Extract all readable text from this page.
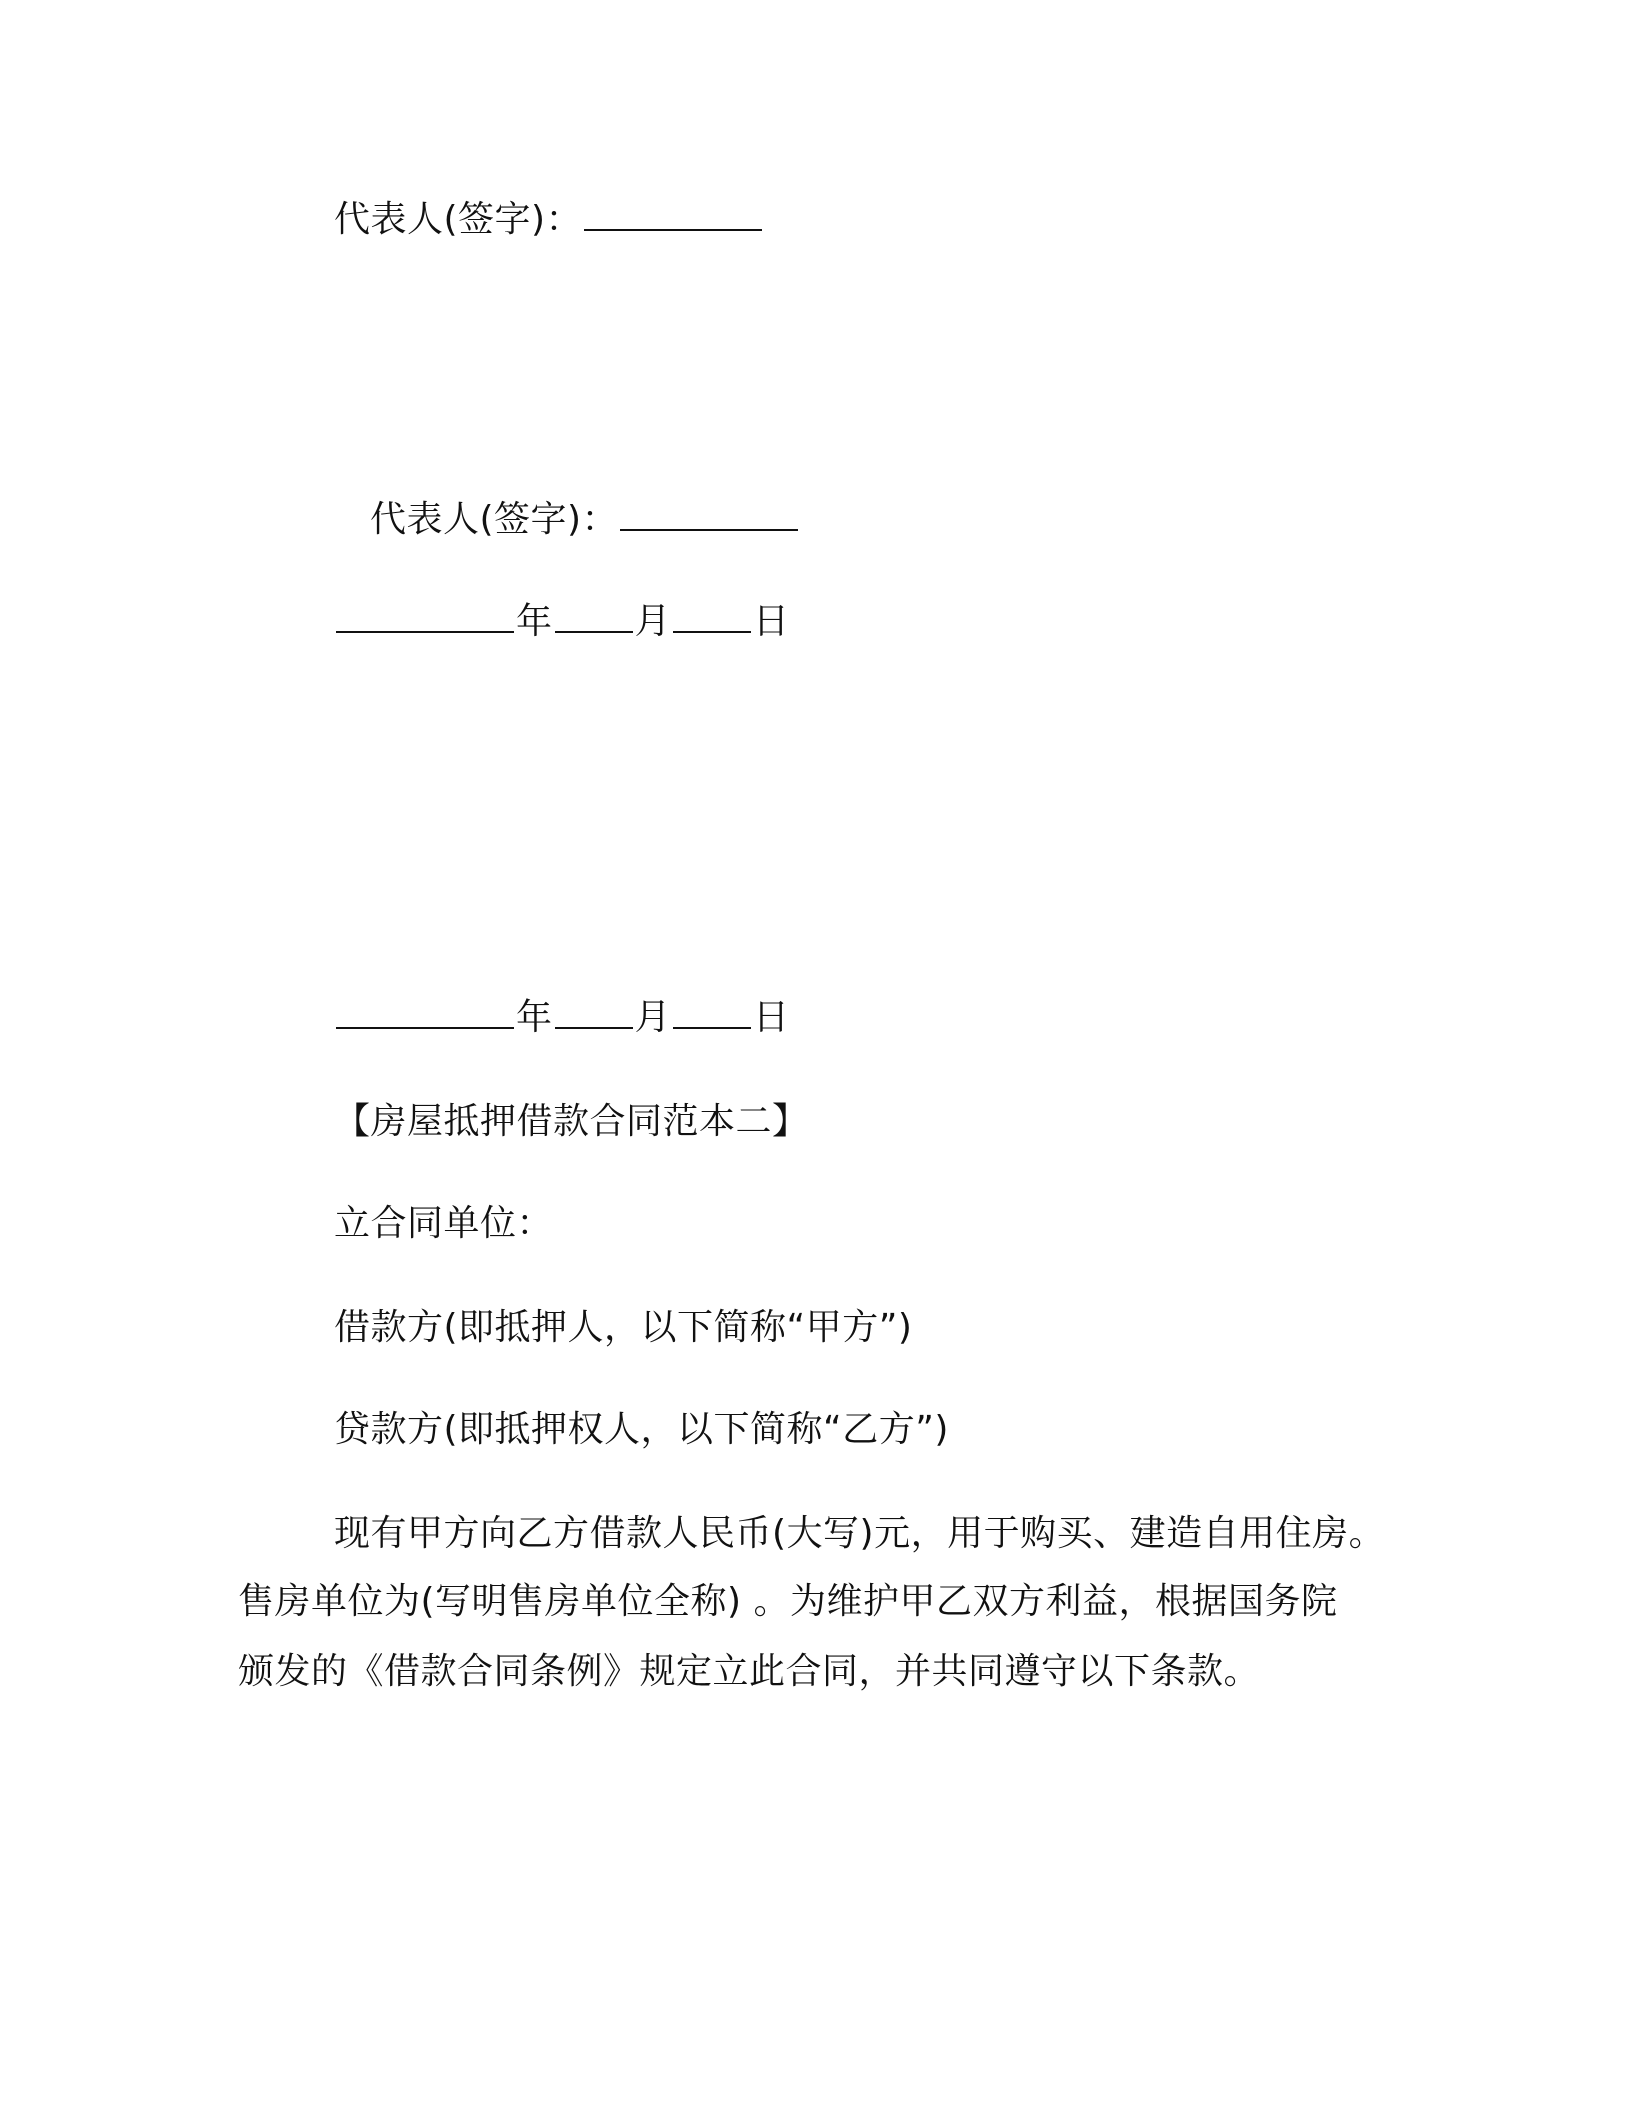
代表人(签字)：

代表人(签字)：

年 月 日

年 月 日

【房屋抵押借款合同范本二】

立合同单位：

借款方(即抵押人，以下简称“甲方”)

贷款方(即抵押权人，以下简称“乙方”)

现有甲方向乙方借款人民币(大写)元，用于购买、建造自用住房。

售房单位为(写明售房单位全称) 。为维护甲乙双方利益，根据国务院

颁发的《借款合同条例》规定立此合同，并共同遵守以下条款。
